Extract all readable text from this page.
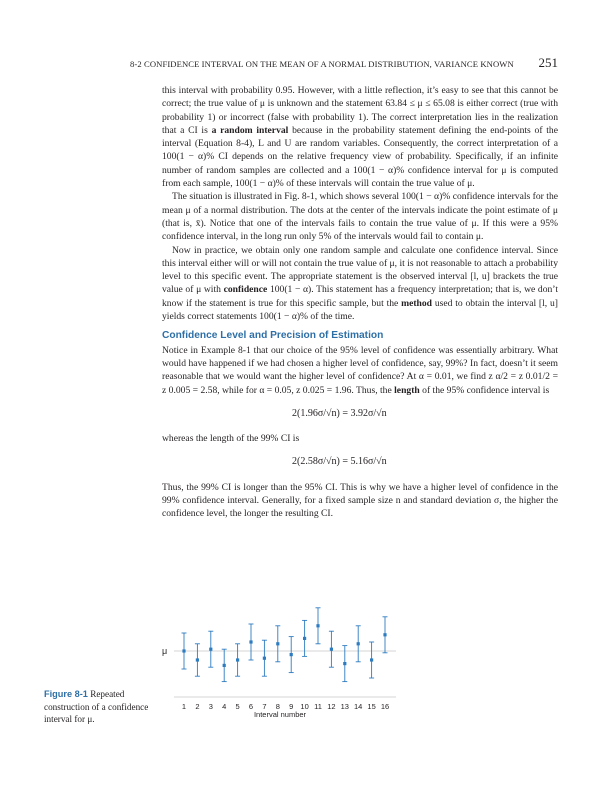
8-2 CONFIDENCE INTERVAL ON THE MEAN OF A NORMAL DISTRIBUTION, VARIANCE KNOWN 251

this interval with probability 0.95. However, with a little reflection, it’s easy to see that this cannot be correct; the true value of μ is unknown and the statement 63.84 ≤ μ ≤ 65.08 is either correct (true with probability 1) or incorrect (false with probability 1). The correct interpretation lies in the realization that a CI is a random interval because in the probability statement defining the end-points of the interval (Equation 8-4), L and U are random variables. Consequently, the correct interpretation of a 100(1 − α)% CI depends on the relative frequency view of probability. Specifically, if an infinite number of random samples are collected and a 100(1 − α)% confidence interval for μ is computed from each sample, 100(1 − α)% of these intervals will contain the true value of μ.

The situation is illustrated in Fig. 8-1, which shows several 100(1 − α)% confidence intervals for the mean μ of a normal distribution. The dots at the center of the intervals indicate the point estimate of μ (that is, x̄). Notice that one of the intervals fails to contain the true value of μ. If this were a 95% confidence interval, in the long run only 5% of the intervals would fail to contain μ.

Now in practice, we obtain only one random sample and calculate one confidence interval. Since this interval either will or will not contain the true value of μ, it is not reasonable to attach a probability level to this specific event. The appropriate statement is the observed interval [l, u] brackets the true value of μ with confidence 100(1 − α). This statement has a frequency interpretation; that is, we don’t know if the statement is true for this specific sample, but the method used to obtain the interval [l, u] yields correct statements 100(1 − α)% of the time.

Confidence Level and Precision of Estimation

Notice in Example 8-1 that our choice of the 95% level of confidence was essentially arbitrary. What would have happened if we had chosen a higher level of confidence, say, 99%? In fact, doesn’t it seem reasonable that we would want the higher level of confidence? At α = 0.01, we find z α/2 = z 0.01/2 = z 0.005 = 2.58, while for α = 0.05, z 0.025 = 1.96. Thus, the length of the 95% confidence interval is

2(1.96σ/√n) = 3.92σ/√n

whereas the length of the 99% CI is

2(2.58σ/√n) = 5.16σ/√n

Thus, the 99% CI is longer than the 95% CI. This is why we have a higher level of confidence in the 99% confidence interval. Generally, for a fixed sample size n and standard deviation σ, the higher the confidence level, the longer the resulting CI.

Figure 8-1 Repeated construction of a confidence interval for μ.
μ
1 2 3 4 5 6 7 8 9 10 11 12 13 14 15 16
Interval number
